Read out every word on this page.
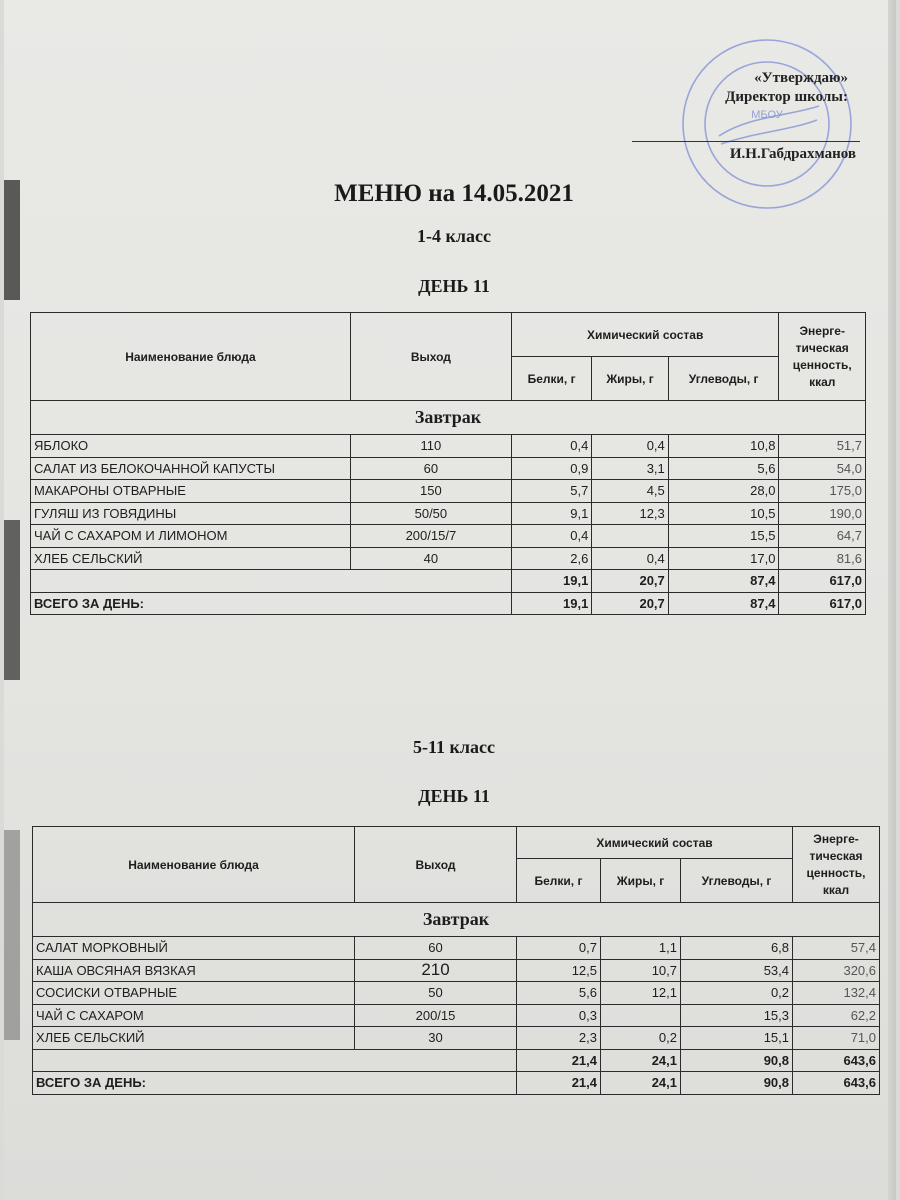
МБОУ
«Утверждаю»
Директор школы:
И.Н.Габдрахманов
МЕНЮ на 14.05.2021
1-4 класс
ДЕНЬ 11
Наименование блюда	Выход	Химический состав			Энерге-тическая ценность, ккал
		Белки, г	Жиры, г	Углеводы, г	
Завтрак					
ЯБЛОКО	110	0,4	0,4	10,8	51,7
САЛАТ ИЗ БЕЛОКОЧАННОЙ КАПУСТЫ	60	0,9	3,1	5,6	54,0
МАКАРОНЫ ОТВАРНЫЕ	150	5,7	4,5	28,0	175,0
ГУЛЯШ ИЗ ГОВЯДИНЫ	50/50	9,1	12,3	10,5	190,0
ЧАЙ С САХАРОМ И ЛИМОНОМ	200/15/7	0,4		15,5	64,7
ХЛЕБ СЕЛЬСКИЙ	40	2,6	0,4	17,0	81,6
		19,1	20,7	87,4	617,0
ВСЕГО ЗА ДЕНЬ:		19,1	20,7	87,4	617,0
5-11 класс
ДЕНЬ 11
Наименование блюда	Выход	Химический состав			Энерге-тическая ценность, ккал
		Белки, г	Жиры, г	Углеводы, г	
Завтрак					
САЛАТ МОРКОВНЫЙ	60	0,7	1,1	6,8	57,4
КАША ОВСЯНАЯ ВЯЗКАЯ	210	12,5	10,7	53,4	320,6
СОСИСКИ ОТВАРНЫЕ	50	5,6	12,1	0,2	132,4
ЧАЙ С САХАРОМ	200/15	0,3		15,3	62,2
ХЛЕБ СЕЛЬСКИЙ	30	2,3	0,2	15,1	71,0
		21,4	24,1	90,8	643,6
ВСЕГО ЗА ДЕНЬ:		21,4	24,1	90,8	643,6
